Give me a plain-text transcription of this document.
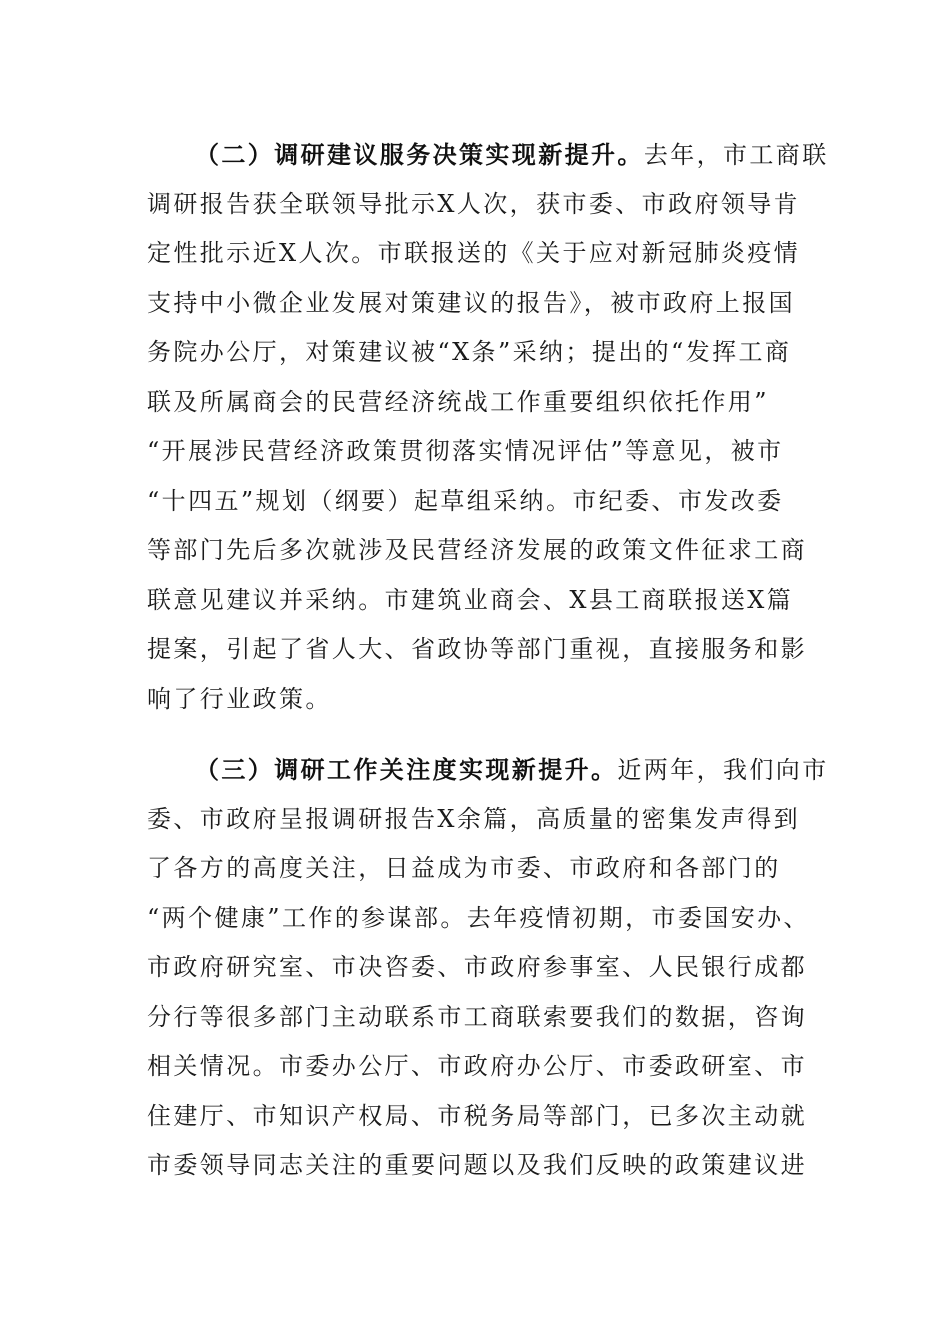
（二）调研建议服务决策实现新提升。去年，市工商联
调研报告获全联领导批示X人次，获市委、市政府领导肯
定性批示近X人次。市联报送的《关于应对新冠肺炎疫情
支持中小微企业发展对策建议的报告》，被市政府上报国
务院办公厅，对策建议被“X条”采纳；提出的“发挥工商
联及所属商会的民营经济统战工作重要组织依托作用”
“开展涉民营经济政策贯彻落实情况评估”等意见，被市
“十四五”规划（纲要）起草组采纳。市纪委、市发改委
等部门先后多次就涉及民营经济发展的政策文件征求工商
联意见建议并采纳。市建筑业商会、X县工商联报送X篇
提案，引起了省人大、省政协等部门重视，直接服务和影
响了行业政策。

（三）调研工作关注度实现新提升。近两年，我们向市
委、市政府呈报调研报告X余篇，高质量的密集发声得到
了各方的高度关注，日益成为市委、市政府和各部门的
“两个健康”工作的参谋部。去年疫情初期，市委国安办、
市政府研究室、市决咨委、市政府参事室、人民银行成都
分行等很多部门主动联系市工商联索要我们的数据，咨询
相关情况。市委办公厅、市政府办公厅、市委政研室、市
住建厅、市知识产权局、市税务局等部门，已多次主动就
市委领导同志关注的重要问题以及我们反映的政策建议进
